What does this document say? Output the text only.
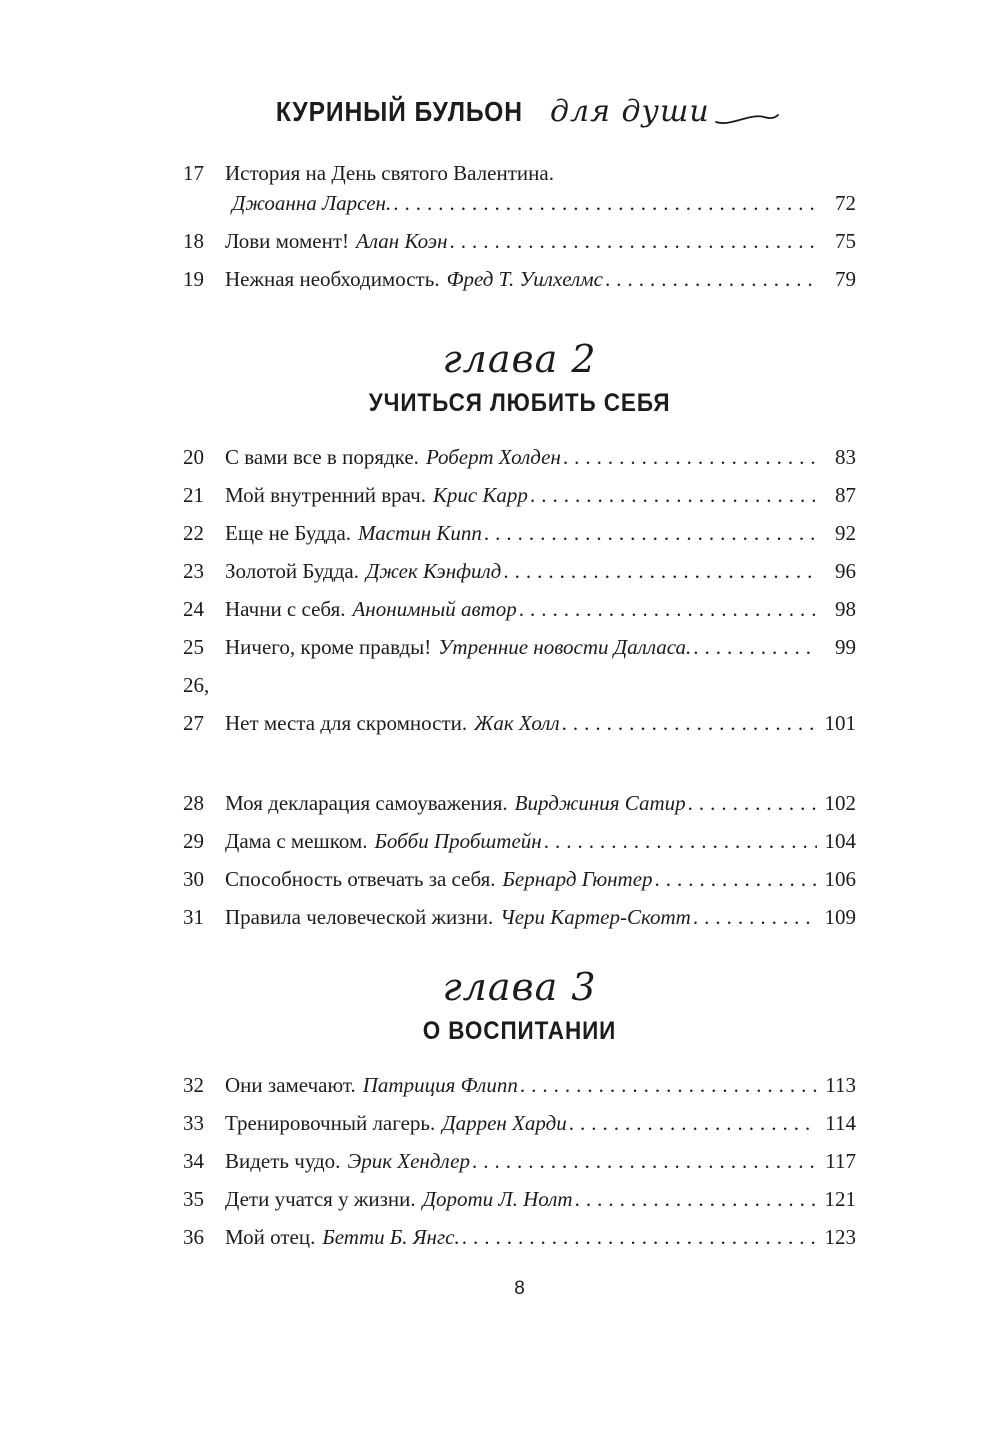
КУРИНЫЙ БУЛЬОН для души
17	История на День святого Валентина.
Джоанна Ларсен. .....	72
18	Лови момент! Алан Коэн .....	75
19	Нежная необходимость. Фред Т. Уилхелмс .....	79
глава 2
УЧИТЬСЯ ЛЮБИТЬ СЕБЯ
20	С вами все в порядке. Роберт Холден .....	83
21	Мой внутренний врач. Крис Карр .....	87
22	Еще не Будда. Мастин Кипп .....	92
23	Золотой Будда. Джек Кэнфилд .....	96
24	Начни с себя. Анонимный автор .....	98
25	Ничего, кроме правды! Утренние новости Далласа. .....	99
26,
27	Нет места для скромности. Жак Холл .....	101
28	Моя декларация самоуважения. Вирджиния Сатир .....	102
29	Дама с мешком. Бобби Пробштейн .....	104
30	Способность отвечать за себя. Бернард Гюнтер .....	106
31	Правила человеческой жизни. Чери Картер-Скотт .....	109
глава 3
О ВОСПИТАНИИ
32	Они замечают. Патриция Флипп .....	113
33	Тренировочный лагерь. Даррен Харди .....	114
34	Видеть чудо. Эрик Хендлер .....	117
35	Дети учатся у жизни. Дороти Л. Нолт .....	121
36	Мой отец. Бетти Б. Янгс. .....	123
8
